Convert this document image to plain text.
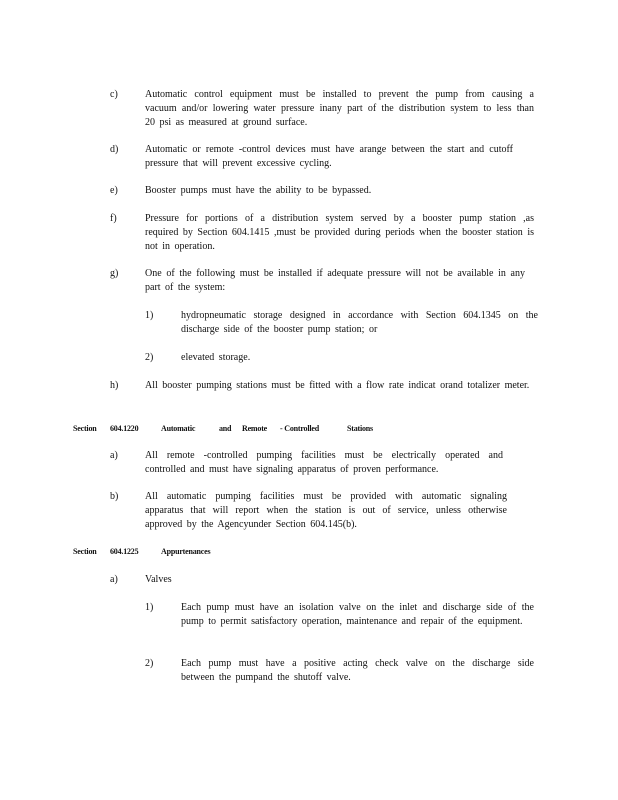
c)	Automatic control equipment must be installed to prevent the pump from causing a vacuum and/or lowering water pressure inany part of the distribution system to less than 20 psi as measured at ground surface.
d)	Automatic or remote -control devices must have arange between the start and cutoff pressure that will prevent excessive cycling.
e)	Booster pumps must have the ability to be bypassed.
f)	Pressure for portions of a distribution system served by a booster pump station ,as required by Section 604.1415 ,must be provided during periods when the booster station is not in operation.
g)	One of the following must be installed if adequate pressure will not be available in any part of the system:
1)	hydropneumatic storage designed in accordance with Section 604.1345 on the discharge side of the booster pump station; or
2)	elevated storage.
h)	All booster pumping stations must be fitted with a flow rate indicat orand totalizer meter.
Section 604.1220	Automatic	and Remote - Controlled	Stations
a)	All remote -controlled pumping facilities must be electrically operated and controlled and must have signaling apparatus of proven performance.
b)	All automatic pumping facilities must be provided with automatic signaling apparatus that will report when the station is out of service, unless otherwise approved by the Agencyunder Section 604.145(b).
Section 604.1225	Appurtenances
a)	Valves
1)	Each pump must have an isolation valve on the inlet and discharge side of the pump to permit satisfactory operation, maintenance and repair of the equipment.
2)	Each pump must have a positive acting check valve on the discharge side between the pumpand the shutoff valve.
